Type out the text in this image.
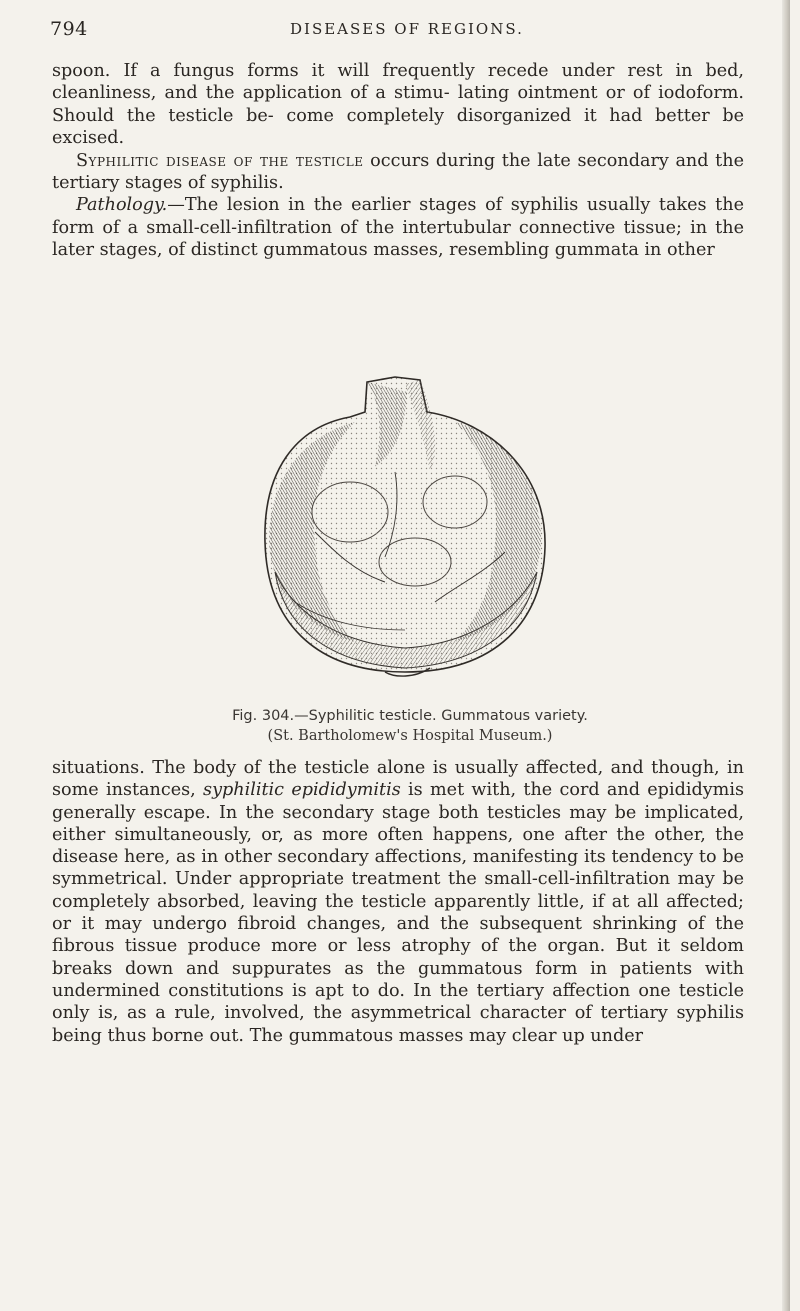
794	DISEASES OF REGIONS.

spoon. If a fungus forms it will frequently recede under rest in bed, cleanliness, and the application of a stimu- lating ointment or of iodoform. Should the testicle be- come completely disorganized it had better be excised.

Syphilitic disease of the testicle occurs during the late secondary and the tertiary stages of syphilis.

Pathology.—The lesion in the earlier stages of syphilis usually takes the form of a small-cell-infiltration of the intertubular connective tissue; in the later stages, of distinct gummatous masses, resembling gummata in other

Fig. 304.—Syphilitic testicle. Gummatous variety.
(St. Bartholomew's Hospital Museum.)

situations. The body of the testicle alone is usually affected, and though, in some instances, syphilitic epididymitis is met with, the cord and epididymis generally escape. In the secondary stage both testicles may be implicated, either simultaneously, or, as more often happens, one after the other, the disease here, as in other secondary affections, manifesting its tendency to be symmetrical. Under appropriate treatment the small-cell-infiltration may be completely absorbed, leaving the testicle apparently little, if at all affected; or it may undergo fibroid changes, and the subsequent shrinking of the fibrous tissue produce more or less atrophy of the organ. But it seldom breaks down and suppurates as the gummatous form in patients with undermined constitutions is apt to do. In the tertiary affection one testicle only is, as a rule, involved, the asymmetrical character of tertiary syphilis being thus borne out. The gummatous masses may clear up under
